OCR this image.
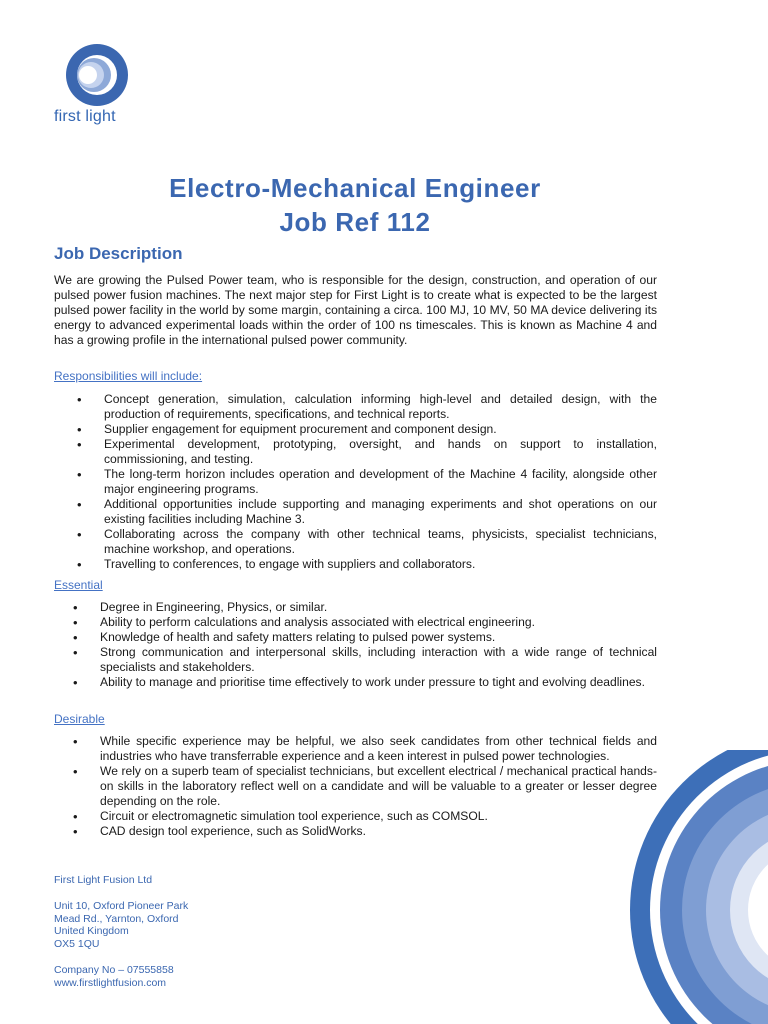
first light
Electro-Mechanical Engineer
Job Ref 112
Job Description
We are growing the Pulsed Power team, who is responsible for the design, construction, and operation of our pulsed power fusion machines. The next major step for First Light is to create what is expected to be the largest pulsed power facility in the world by some margin, containing a circa. 100 MJ, 10 MV, 50 MA device delivering its energy to advanced experimental loads within the order of 100 ns timescales. This is known as Machine 4 and has a growing profile in the international pulsed power community.
Responsibilities will include:
• Concept generation, simulation, calculation informing high-level and detailed design, with the production of requirements, specifications, and technical reports.
• Supplier engagement for equipment procurement and component design.
• Experimental development, prototyping, oversight, and hands on support to installation, commissioning, and testing.
• The long-term horizon includes operation and development of the Machine 4 facility, alongside other major engineering programs.
• Additional opportunities include supporting and managing experiments and shot operations on our existing facilities including Machine 3.
• Collaborating across the company with other technical teams, physicists, specialist technicians, machine workshop, and operations.
• Travelling to conferences, to engage with suppliers and collaborators.
Essential
• Degree in Engineering, Physics, or similar.
• Ability to perform calculations and analysis associated with electrical engineering.
• Knowledge of health and safety matters relating to pulsed power systems.
• Strong communication and interpersonal skills, including interaction with a wide range of technical specialists and stakeholders.
• Ability to manage and prioritise time effectively to work under pressure to tight and evolving deadlines.
Desirable
• While specific experience may be helpful, we also seek candidates from other technical fields and industries who have transferrable experience and a keen interest in pulsed power technologies.
• We rely on a superb team of specialist technicians, but excellent electrical / mechanical practical hands-on skills in the laboratory reflect well on a candidate and will be valuable to a greater or lesser degree depending on the role.
• Circuit or electromagnetic simulation tool experience, such as COMSOL.
• CAD design tool experience, such as SolidWorks.
First Light Fusion Ltd
Unit 10, Oxford Pioneer Park
Mead Rd., Yarnton, Oxford
United Kingdom
OX5 1QU
Company No – 07555858
www.firstlightfusion.com
